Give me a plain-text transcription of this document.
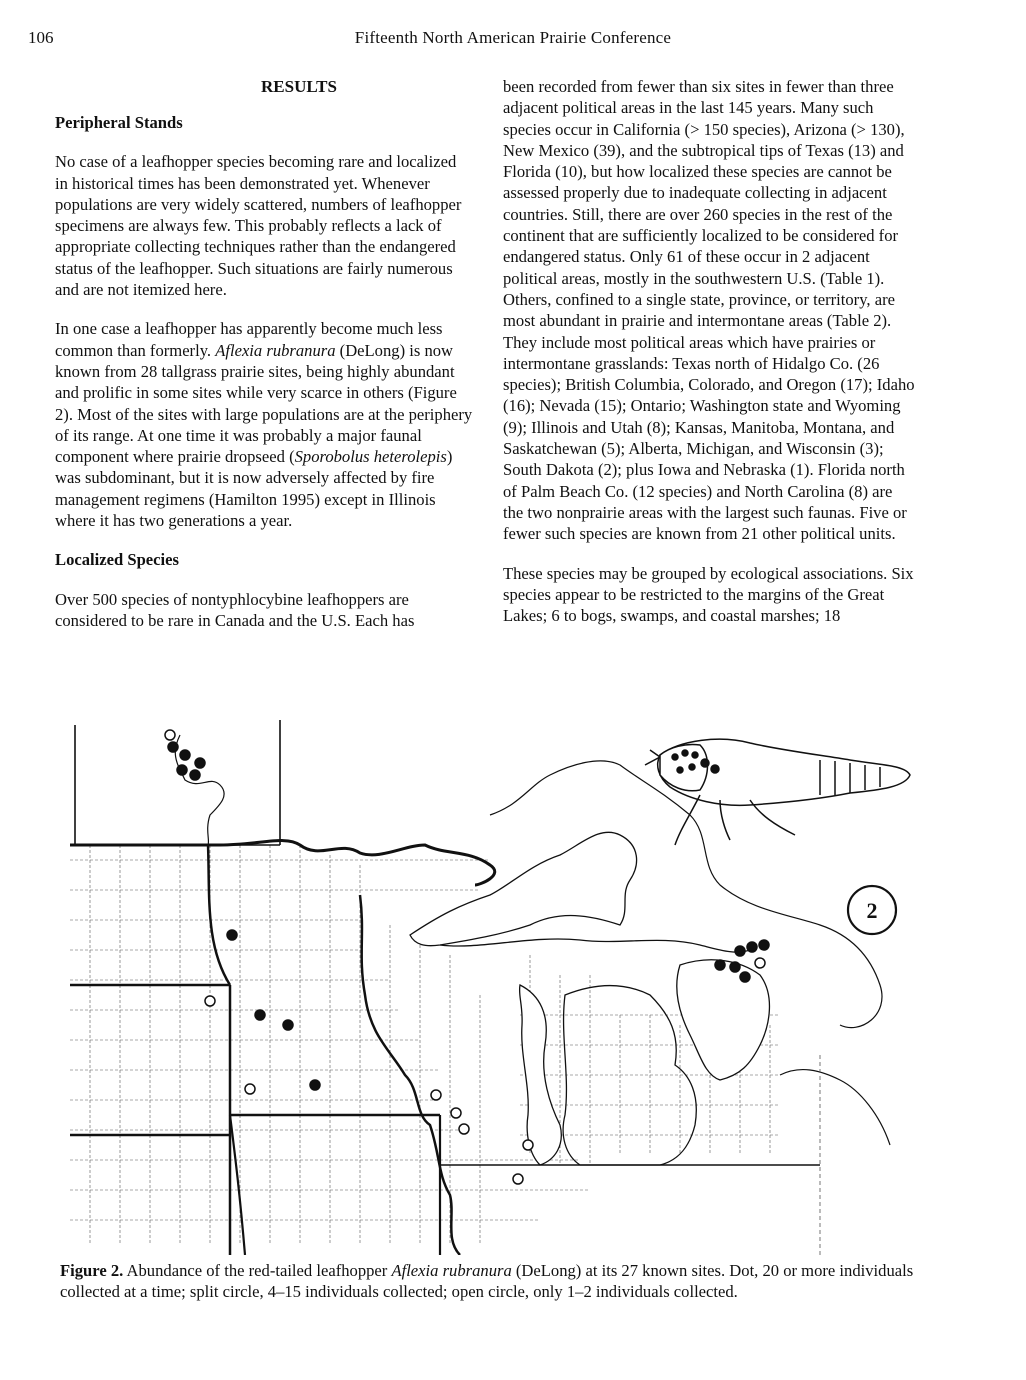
106	Fifteenth North American Prairie Conference
RESULTS
Peripheral Stands

No case of a leafhopper species becoming rare and localized in historical times has been demonstrated yet. Whenever populations are very widely scattered, numbers of leafhopper specimens are always few. This probably reflects a lack of appropriate collecting techniques rather than the endangered status of the leafhopper. Such situations are fairly numerous and are not itemized here.

In one case a leafhopper has apparently become much less common than formerly. Aflexia rubranura (DeLong) is now known from 28 tallgrass prairie sites, being highly abundant and prolific in some sites while very scarce in others (Figure 2). Most of the sites with large populations are at the periphery of its range. At one time it was probably a major faunal component where prairie dropseed (Sporobolus heterolepis) was subdominant, but it is now adversely affected by fire management regimens (Hamilton 1995) except in Illinois where it has two generations a year.

Localized Species

Over 500 species of nontyphlocybine leafhoppers are considered to be rare in Canada and the U.S. Each has

been recorded from fewer than six sites in fewer than three adjacent political areas in the last 145 years. Many such species occur in California (> 150 species), Arizona (> 130), New Mexico (39), and the subtropical tips of Texas (13) and Florida (10), but how localized these species are cannot be assessed properly due to inadequate collecting in adjacent countries. Still, there are over 260 species in the rest of the continent that are sufficiently localized to be considered for endangered status. Only 61 of these occur in 2 adjacent political areas, mostly in the southwestern U.S. (Table 1). Others, confined to a single state, province, or territory, are most abundant in prairie and intermontane areas (Table 2). They include most political areas which have prairies or intermontane grasslands: Texas north of Hidalgo Co. (26 species); British Columbia, Colorado, and Oregon (17); Idaho (16); Nevada (15); Ontario; Washington state and Wyoming (9); Illinois and Utah (8); Kansas, Manitoba, Montana, and Saskatchewan (5); Alberta, Michigan, and Wisconsin (3); South Dakota (2); plus Iowa and Nebraska (1). Florida north of Palm Beach Co. (12 species) and North Carolina (8) are the two nonprairie areas with the largest such faunas. Five or fewer such species are known from 21 other political units.

These species may be grouped by ecological associations. Six species appear to be restricted to the margins of the Great Lakes; 6 to bogs, swamps, and coastal marshes; 18

2
Figure 2. Abundance of the red-tailed leafhopper Aflexia rubranura (DeLong) at its 27 known sites. Dot, 20 or more individuals collected at a time; split circle, 4–15 individuals collected; open circle, only 1–2 individuals collected.
